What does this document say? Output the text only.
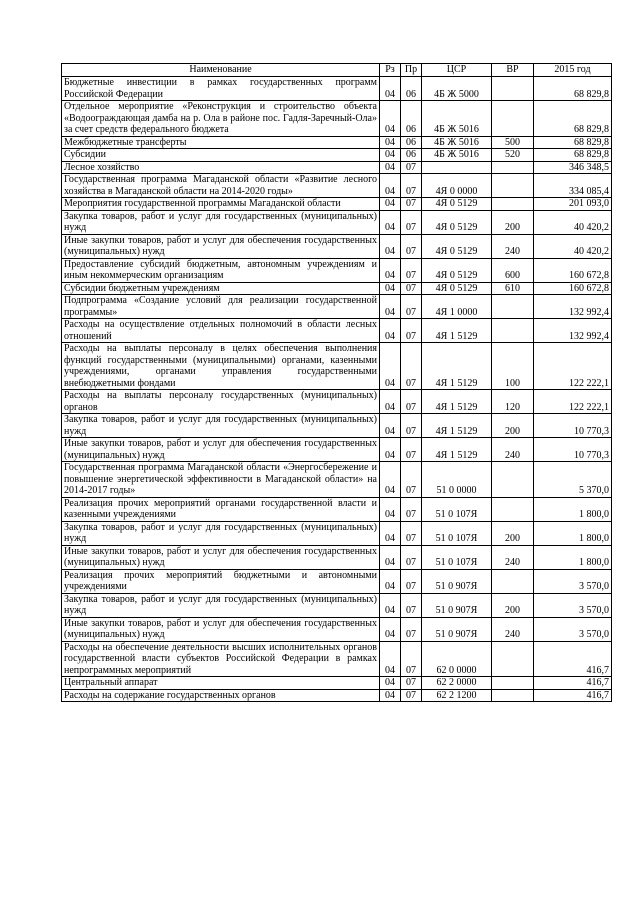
Наименование	Рз	Пр	ЦСР	ВР	2015 год
Бюджетные инвестиции в рамках государственных программ Российской Федерации	04	06	4Б Ж 5000		68 829,8
Отдельное мероприятие «Реконструкция и строительство объекта «Водоограждающая дамба на р. Ола в районе пос. Гадля-Заречный-Ола» за счет средств федерального бюджета	04	06	4Б Ж 5016		68 829,8
Межбюджетные трансферты	04	06	4Б Ж 5016	500	68 829,8
Субсидии	04	06	4Б Ж 5016	520	68 829,8
Лесное хозяйство	04	07			346 348,5
Государственная программа Магаданской области «Развитие лесного хозяйства в Магаданской области на 2014-2020 годы»	04	07	4Я 0 0000		334 085,4
Мероприятия государственной программы Магаданской области	04	07	4Я 0 5129		201 093,0
Закупка товаров, работ и услуг для государственных (муниципальных) нужд	04	07	4Я 0 5129	200	40 420,2
Иные закупки товаров, работ и услуг для обеспечения государственных (муниципальных) нужд	04	07	4Я 0 5129	240	40 420,2
Предоставление субсидий бюджетным, автономным учреждениям и иным некоммерческим организациям	04	07	4Я 0 5129	600	160 672,8
Субсидии бюджетным учреждениям	04	07	4Я 0 5129	610	160 672,8
Подпрограмма «Создание условий для реализации государственной программы»	04	07	4Я 1 0000		132 992,4
Расходы на осуществление отдельных полномочий в области лесных отношений	04	07	4Я 1 5129		132 992,4
Расходы на выплаты персоналу в целях обеспечения выполнения функций государственными (муниципальными) органами, казенными учреждениями, органами управления государственными внебюджетными фондами	04	07	4Я 1 5129	100	122 222,1
Расходы на выплаты персоналу государственных (муниципальных) органов	04	07	4Я 1 5129	120	122 222,1
Закупка товаров, работ и услуг для государственных (муниципальных) нужд	04	07	4Я 1 5129	200	10 770,3
Иные закупки товаров, работ и услуг для обеспечения государственных (муниципальных) нужд	04	07	4Я 1 5129	240	10 770,3
Государственная программа Магаданской области «Энергосбережение и повышение энергетической эффективности в Магаданской области» на 2014-2017 годы»	04	07	51 0 0000		5 370,0
Реализация прочих мероприятий органами государственной власти и казенными учреждениями	04	07	51 0 107Я		1 800,0
Закупка товаров, работ и услуг для государственных (муниципальных) нужд	04	07	51 0 107Я	200	1 800,0
Иные закупки товаров, работ и услуг для обеспечения государственных (муниципальных) нужд	04	07	51 0 107Я	240	1 800,0
Реализация прочих мероприятий бюджетными и автономными учреждениями	04	07	51 0 907Я		3 570,0
Закупка товаров, работ и услуг для государственных (муниципальных) нужд	04	07	51 0 907Я	200	3 570,0
Иные закупки товаров, работ и услуг для обеспечения государственных (муниципальных) нужд	04	07	51 0 907Я	240	3 570,0
Расходы на обеспечение деятельности высших исполнительных органов государственной власти субъектов Российской Федерации в рамках непрограммных мероприятий	04	07	62 0 0000		416,7
Центральный аппарат	04	07	62 2 0000		416,7
Расходы на содержание государственных органов	04	07	62 2 1200		416,7
